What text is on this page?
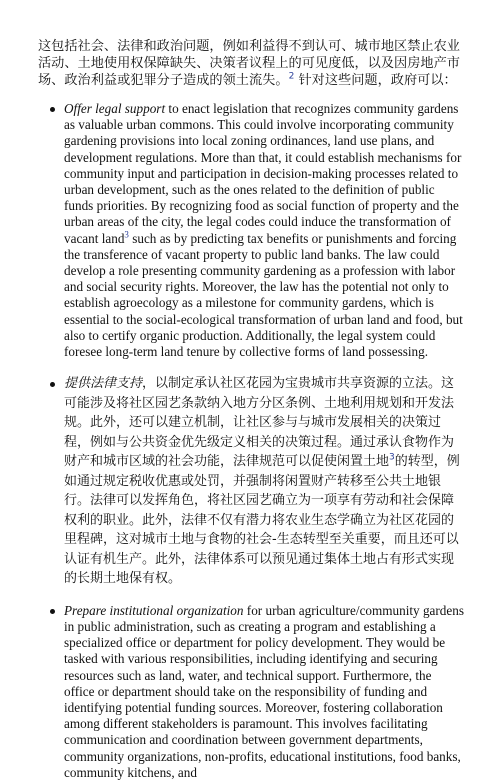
这包括社会、法律和政治问题，例如利益得不到认可、城市地区禁止农业活动、土地使用权保障缺失、决策者议程上的可见度低，以及因房地产市场、政治利益或犯罪分子造成的领土流失。$^2$ 针对这些问题，政府可以：

Offer legal support to enact legislation that recognizes community gardens as valuable urban commons. This could involve incorporating community gardening provisions into local zoning ordinances, land use plans, and development regulations. More than that, it could establish mechanisms for community input and participation in decision-making processes related to urban development, such as the ones related to the definition of public funds priorities. By recognizing food as social function of property and the urban areas of the city, the legal codes could induce the transformation of vacant land$^3$ such as by predicting tax benefits or punishments and forcing the transference of vacant property to public land banks. The law could develop a role presenting community gardening as a profession with labor and social security rights. Moreover, the law has the potential not only to establish agroecology as a milestone for community gardens, which is essential to the social-ecological transformation of urban land and food, but also to certify organic production. Additionally, the legal system could foresee long-term land tenure by collective forms of land possessing.
提供法律支持，以制定承认社区花园为宝贵城市共享资源的立法。这可能涉及将社区园艺条款纳入地方分区条例、土地利用规划和开发法规。此外，还可以建立机制，让社区参与与城市发展相关的决策过程，例如与公共资金优先级定义相关的决策过程。通过承认食物作为财产和城市区域的社会功能，法律规范可以促使闲置土地$^3$的转型，例如通过规定税收优惠或处罚，并强制将闲置财产转移至公共土地银行。法律可以发挥角色，将社区园艺确立为一项享有劳动和社会保障权利的职业。此外，法律不仅有潜力将农业生态学确立为社区花园的里程碑，这对城市土地与食物的社会-生态转型至关重要，而且还可以认证有机生产。此外，法律体系可以预见通过集体土地占有形式实现的长期土地保有权。
Prepare institutional organization for urban agriculture/community gardens in public administration, such as creating a program and establishing a specialized office or department for policy development. They would be tasked with various responsibilities, including identifying and securing resources such as land, water, and technical support. Furthermore, the office or department should take on the responsibility of funding and identifying potential funding sources. Moreover, fostering collaboration among different stakeholders is paramount. This involves facilitating communication and coordination between government departments, community organizations, non-profits, educational institutions, food banks, community kitchens, and
